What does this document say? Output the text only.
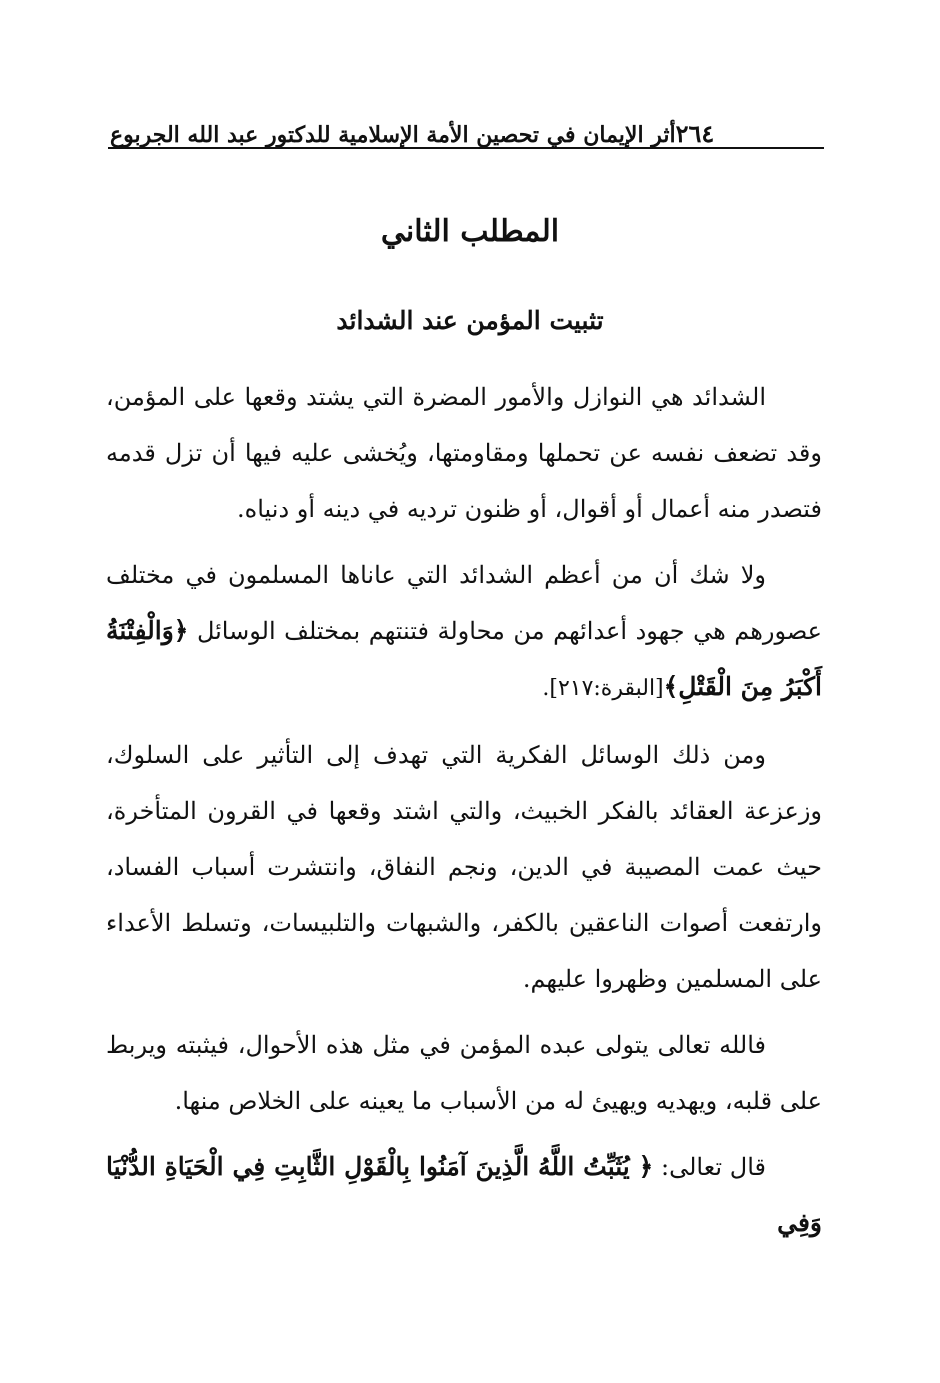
أثر الإيمان في تحصين الأمة الإسلامية للدكتور عبد الله الجربوع ٢٦٤
المطلب الثاني
تثبيت المؤمن عند الشدائد

الشدائد هي النوازل والأمور المضرة التي يشتد وقعها على المؤمن، وقد تضعف نفسه عن تحملها ومقاومتها، ويُخشى عليه فيها أن تزل قدمه فتصدر منه أعمال أو أقوال، أو ظنون ترديه في دينه أو دنياه.

ولا شك أن من أعظم الشدائد التي عاناها المسلمون في مختلف عصورهم هي جهود أعدائهم من محاولة فتنتهم بمختلف الوسائل ﴿وَالْفِتْنَةُ أَكْبَرُ مِنَ الْقَتْلِ﴾[البقرة:٢١٧].

ومن ذلك الوسائل الفكرية التي تهدف إلى التأثير على السلوك، وزعزعة العقائد بالفكر الخبيث، والتي اشتد وقعها في القرون المتأخرة، حيث عمت المصيبة في الدين، ونجم النفاق، وانتشرت أسباب الفساد، وارتفعت أصوات الناعقين بالكفر، والشبهات والتلبيسات، وتسلط الأعداء على المسلمين وظهروا عليهم.

فالله تعالى يتولى عبده المؤمن في مثل هذه الأحوال، فيثبته ويربط على قلبه، ويهديه ويهيئ له من الأسباب ما يعينه على الخلاص منها.

قال تعالى: ﴿ يُثَبِّتُ اللَّهُ الَّذِينَ آمَنُوا بِالْقَوْلِ الثَّابِتِ فِي الْحَيَاةِ الدُّنْيَا وَفِي
